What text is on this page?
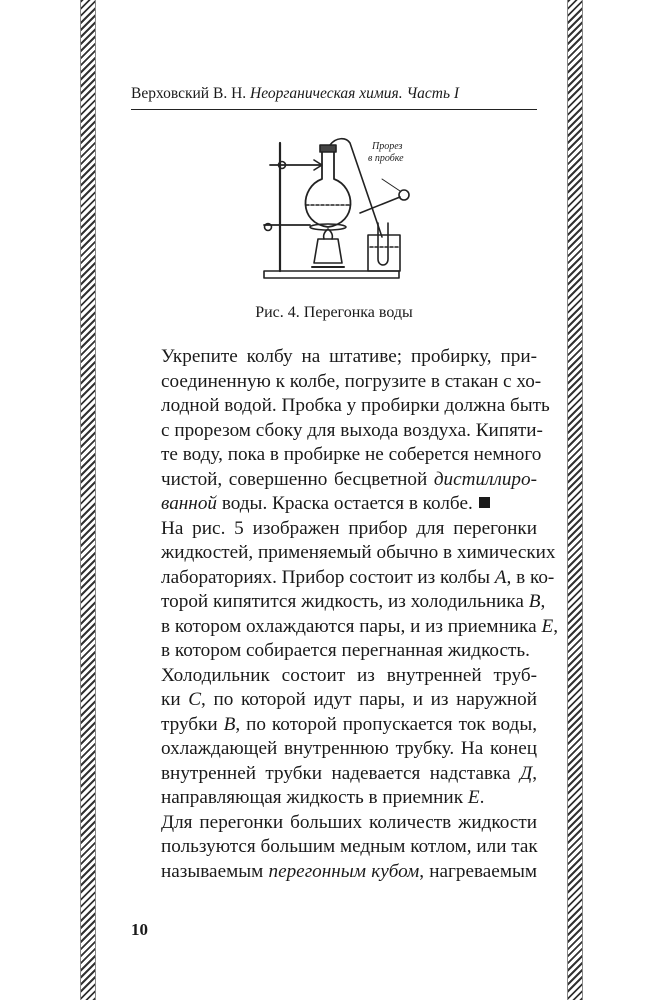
Верховский В. Н. Неорганическая химия. Часть I
Прорез
в пробке
Рис. 4. Перегонка воды

Укрепите колбу на штативе; пробирку, при-
соединенную к колбе, погрузите в стакан с хо-
лодной водой. Пробка у пробирки должна быть
с прорезом сбоку для выхода воздуха. Кипяти-
те воду, пока в пробирке не соберется немного
чистой, совершенно бесцветной дистиллиро-
ванной воды. Краска остается в колбе.

На рис. 5 изображен прибор для перегонки
жидкостей, применяемый обычно в химических
лабораториях. Прибор состоит из колбы A, в ко-
торой кипятится жидкость, из холодильника B,
в котором охлаждаются пары, и из приемника E,
в котором собирается перегнанная жидкость.

Холодильник состоит из внутренней труб-
ки C, по которой идут пары, и из наружной
трубки B, по которой пропускается ток воды,
охлаждающей внутреннюю трубку. На конец
внутренней трубки надевается надставка Д,
направляющая жидкость в приемник E.

Для перегонки больших количеств жидкости
пользуются большим медным котлом, или так
называемым перегонным кубом, нагреваемым

10
